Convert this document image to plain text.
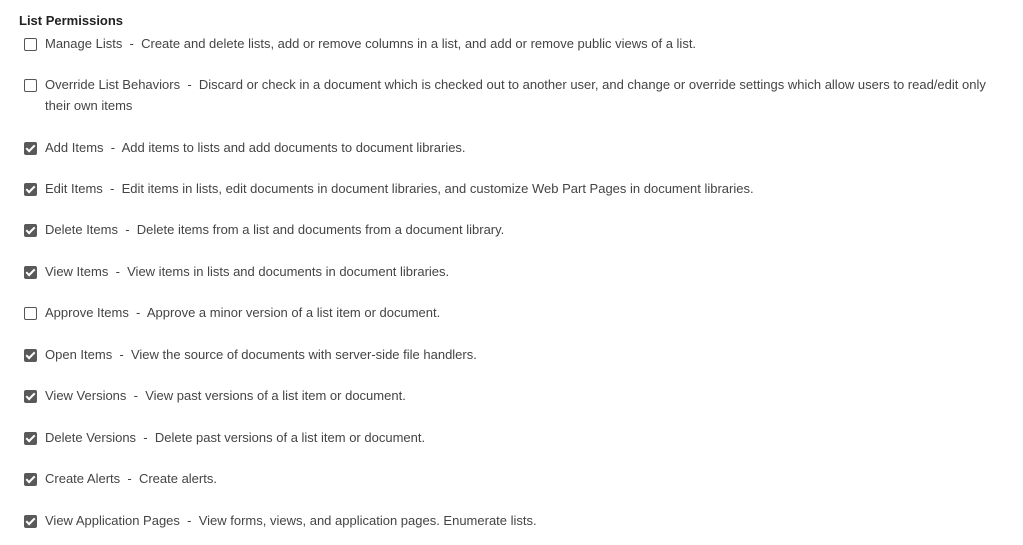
List Permissions
Manage Lists  -  Create and delete lists, add or remove columns in a list, and add or remove public views of a list.
Override List Behaviors  -  Discard or check in a document which is checked out to another user, and change or override settings which allow users to read/edit only their own items
Add Items  -  Add items to lists and add documents to document libraries.
Edit Items  -  Edit items in lists, edit documents in document libraries, and customize Web Part Pages in document libraries.
Delete Items  -  Delete items from a list and documents from a document library.
View Items  -  View items in lists and documents in document libraries.
Approve Items  -  Approve a minor version of a list item or document.
Open Items  -  View the source of documents with server-side file handlers.
View Versions  -  View past versions of a list item or document.
Delete Versions  -  Delete past versions of a list item or document.
Create Alerts  -  Create alerts.
View Application Pages  -  View forms, views, and application pages. Enumerate lists.
